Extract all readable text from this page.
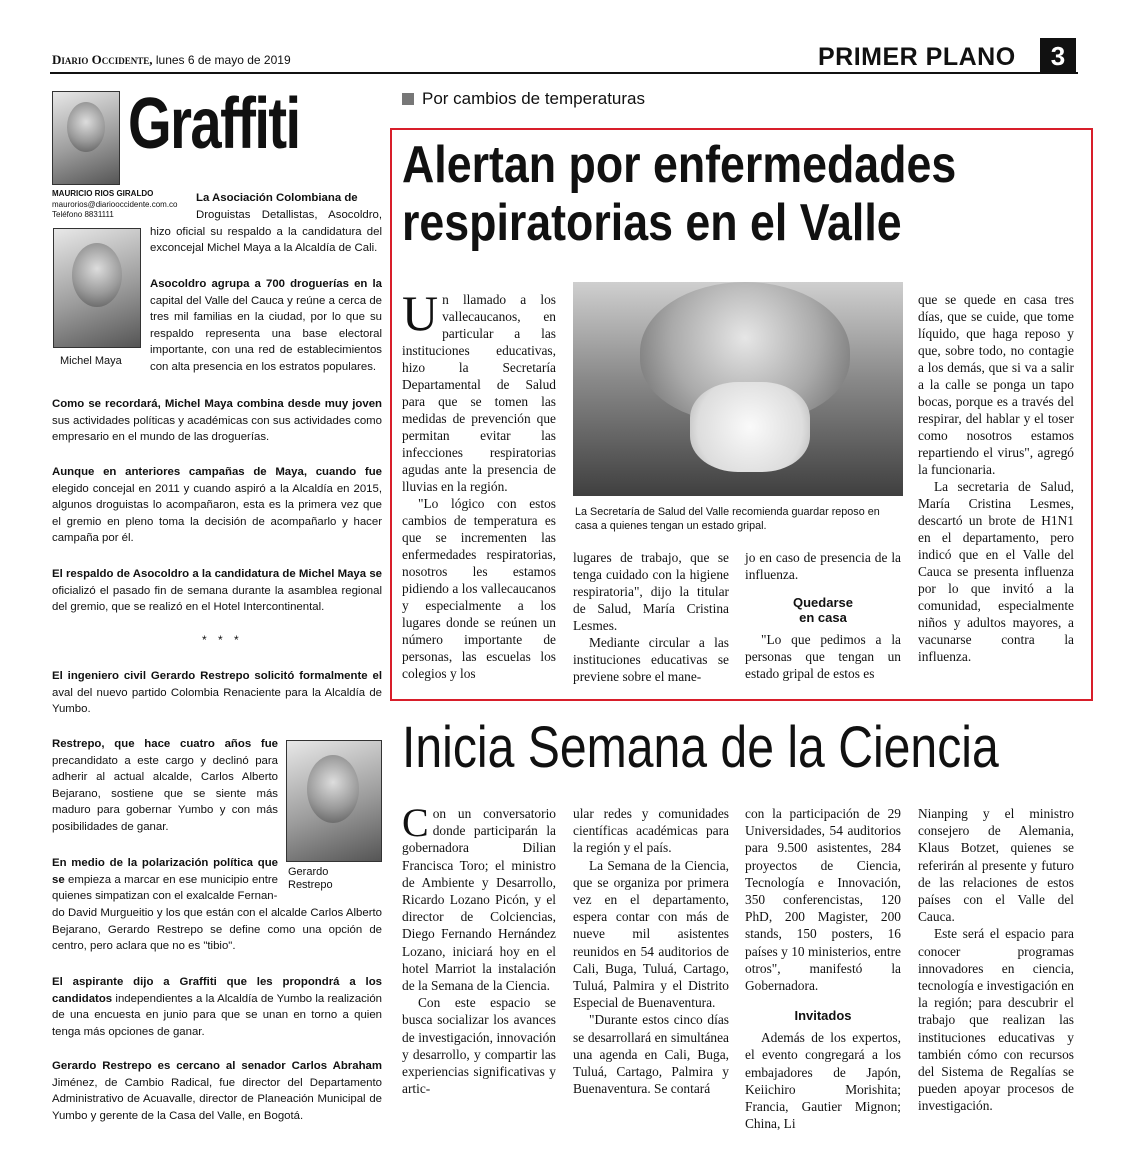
Diario Occidente, lunes 6 de mayo de 2019	PRIMER PLANO	3
Graffiti
MAURICIO RIOS GIRALDO
maurorios@diariooccidente.com.co
Teléfono 8831111
La Asociación Colombiana de
Droguistas Detallistas, Asocoldro, hizo oficial su respaldo a la candidatura del exconcejal Michel Maya a la Alcaldía de Cali.
Michel Maya
Asocoldro agrupa a 700 droguerías en la capital del Valle del Cauca y reúne a cerca de tres mil familias en la ciudad, por lo que su respaldo representa una base electoral importante, con una red de establecimientos con alta presencia en los estratos populares.
Como se recordará, Michel Maya combina desde muy joven sus actividades políticas y académicas con sus actividades como empresario en el mundo de las droguerías.
Aunque en anteriores campañas de Maya, cuando fue elegido concejal en 2011 y cuando aspiró a la Alcaldía en 2015, algunos droguistas lo acompañaron, esta es la primera vez que el gremio en pleno toma la decisión de acompañarlo y hacer campaña por él.
El respaldo de Asocoldro a la candidatura de Michel Maya se oficializó el pasado fin de semana durante la asamblea regional del gremio, que se realizó en el Hotel Intercontinental.
* * *
El ingeniero civil Gerardo Restrepo solicitó formalmente el aval del nuevo partido Colombia Renaciente para la Alcaldía de Yumbo.
Gerardo
Restrepo
Restrepo, que hace cuatro años fue precandidato a este cargo y declinó para adherir al actual alcalde, Carlos Alberto Bejarano, sostiene que se siente más maduro para gobernar Yumbo y con más posibilidades de ganar.
En medio de la polarización política que se empieza a marcar en ese municipio entre quienes simpatizan con el exalcalde Fernan-
do David Murgueitio y los que están con el alcalde Carlos Alberto Bejarano, Gerardo Restrepo se define como una opción de centro, pero aclara que no es "tibio".
El aspirante dijo a Graffiti que les propondrá a los candidatos independientes a la Alcaldía de Yumbo la realización de una encuesta en junio para que se unan en torno a quien tenga más opciones de ganar.
Gerardo Restrepo es cercano al senador Carlos Abraham Jiménez, de Cambio Radical, fue director del Departamento Administrativo de Acuavalle, director de Planeación Municipal de Yumbo y gerente de la Casa del Valle, en Bogotá.
Por cambios de temperaturas
Alertan por enfermedades
respiratorias en el Valle

Un llamado a los vallecaucanos, en particular a las instituciones educativas, hizo la Secretaría Departamental de Salud para que se tomen las medidas de prevención que permitan evitar las infecciones respiratorias agudas ante la presencia de lluvias en la región.

"Lo lógico con estos cambios de temperatura es que se incrementen las enfermedades respiratorias, nosotros les estamos pidiendo a los vallecaucanos y especialmente a los lugares donde se reúnen un número importante de personas, las escuelas los colegios y los

La Secretaría de Salud del Valle recomienda guardar reposo en casa a quienes tengan un estado gripal.

lugares de trabajo, que se tenga cuidado con la higiene respiratoria", dijo la titular de Salud, María Cristina Lesmes.

Mediante circular a las instituciones educativas se previene sobre el mane-

jo en caso de presencia de la influenza.

Quedarse
en casa

"Lo que pedimos a la personas que tengan un estado gripal de estos es

que se quede en casa tres días, que se cuide, que tome líquido, que haga reposo y que, sobre todo, no contagie a los demás, que si va a salir a la calle se ponga un tapo bocas, porque es a través del respirar, del hablar y el toser como nosotros estamos repartiendo el virus", agregó la funcionaria.

La secretaria de Salud, María Cristina Lesmes, descartó un brote de H1N1 en el departamento, pero indicó que en el Valle del Cauca se presenta influenza por lo que invitó a la comunidad, especialmente niños y adultos mayores, a vacunarse contra la influenza.

Inicia Semana de la Ciencia

Con un conversatorio donde participarán la gobernadora Dilian Francisca Toro; el ministro de Ambiente y Desarrollo, Ricardo Lozano Picón, y el director de Colciencias, Diego Fernando Hernández Lozano, iniciará hoy en el hotel Marriot la instalación de la Semana de la Ciencia.

Con este espacio se busca socializar los avances de investigación, innovación y desarrollo, y compartir las experiencias significativas y artic-

ular redes y comunidades científicas académicas para la región y el país.

La Semana de la Ciencia, que se organiza por primera vez en el departamento, espera contar con más de nueve mil asistentes reunidos en 54 auditorios de Cali, Buga, Tuluá, Cartago, Tuluá, Palmira y el Distrito Especial de Buenaventura.

"Durante estos cinco días se desarrollará en simultánea una agenda en Cali, Buga, Tuluá, Cartago, Palmira y Buenaventura. Se contará

con la participación de 29 Universidades, 54 auditorios para 9.500 asistentes, 284 proyectos de Ciencia, Tecnología e Innovación, 350 conferencistas, 120 PhD, 200 Magister, 200 stands, 150 posters, 16 países y 10 ministerios, entre otros", manifestó la Gobernadora.

Invitados

Además de los expertos, el evento congregará a los embajadores de Japón, Keiichiro Morishita; Francia, Gautier Mignon; China, Li

Nianping y el ministro consejero de Alemania, Klaus Botzet, quienes se referirán al presente y futuro de las relaciones de estos países con el Valle del Cauca.

Este será el espacio para conocer programas innovadores en ciencia, tecnología e investigación en la región; para descubrir el trabajo que realizan las instituciones educativas y también cómo con recursos del Sistema de Regalías se pueden apoyar procesos de investigación.
